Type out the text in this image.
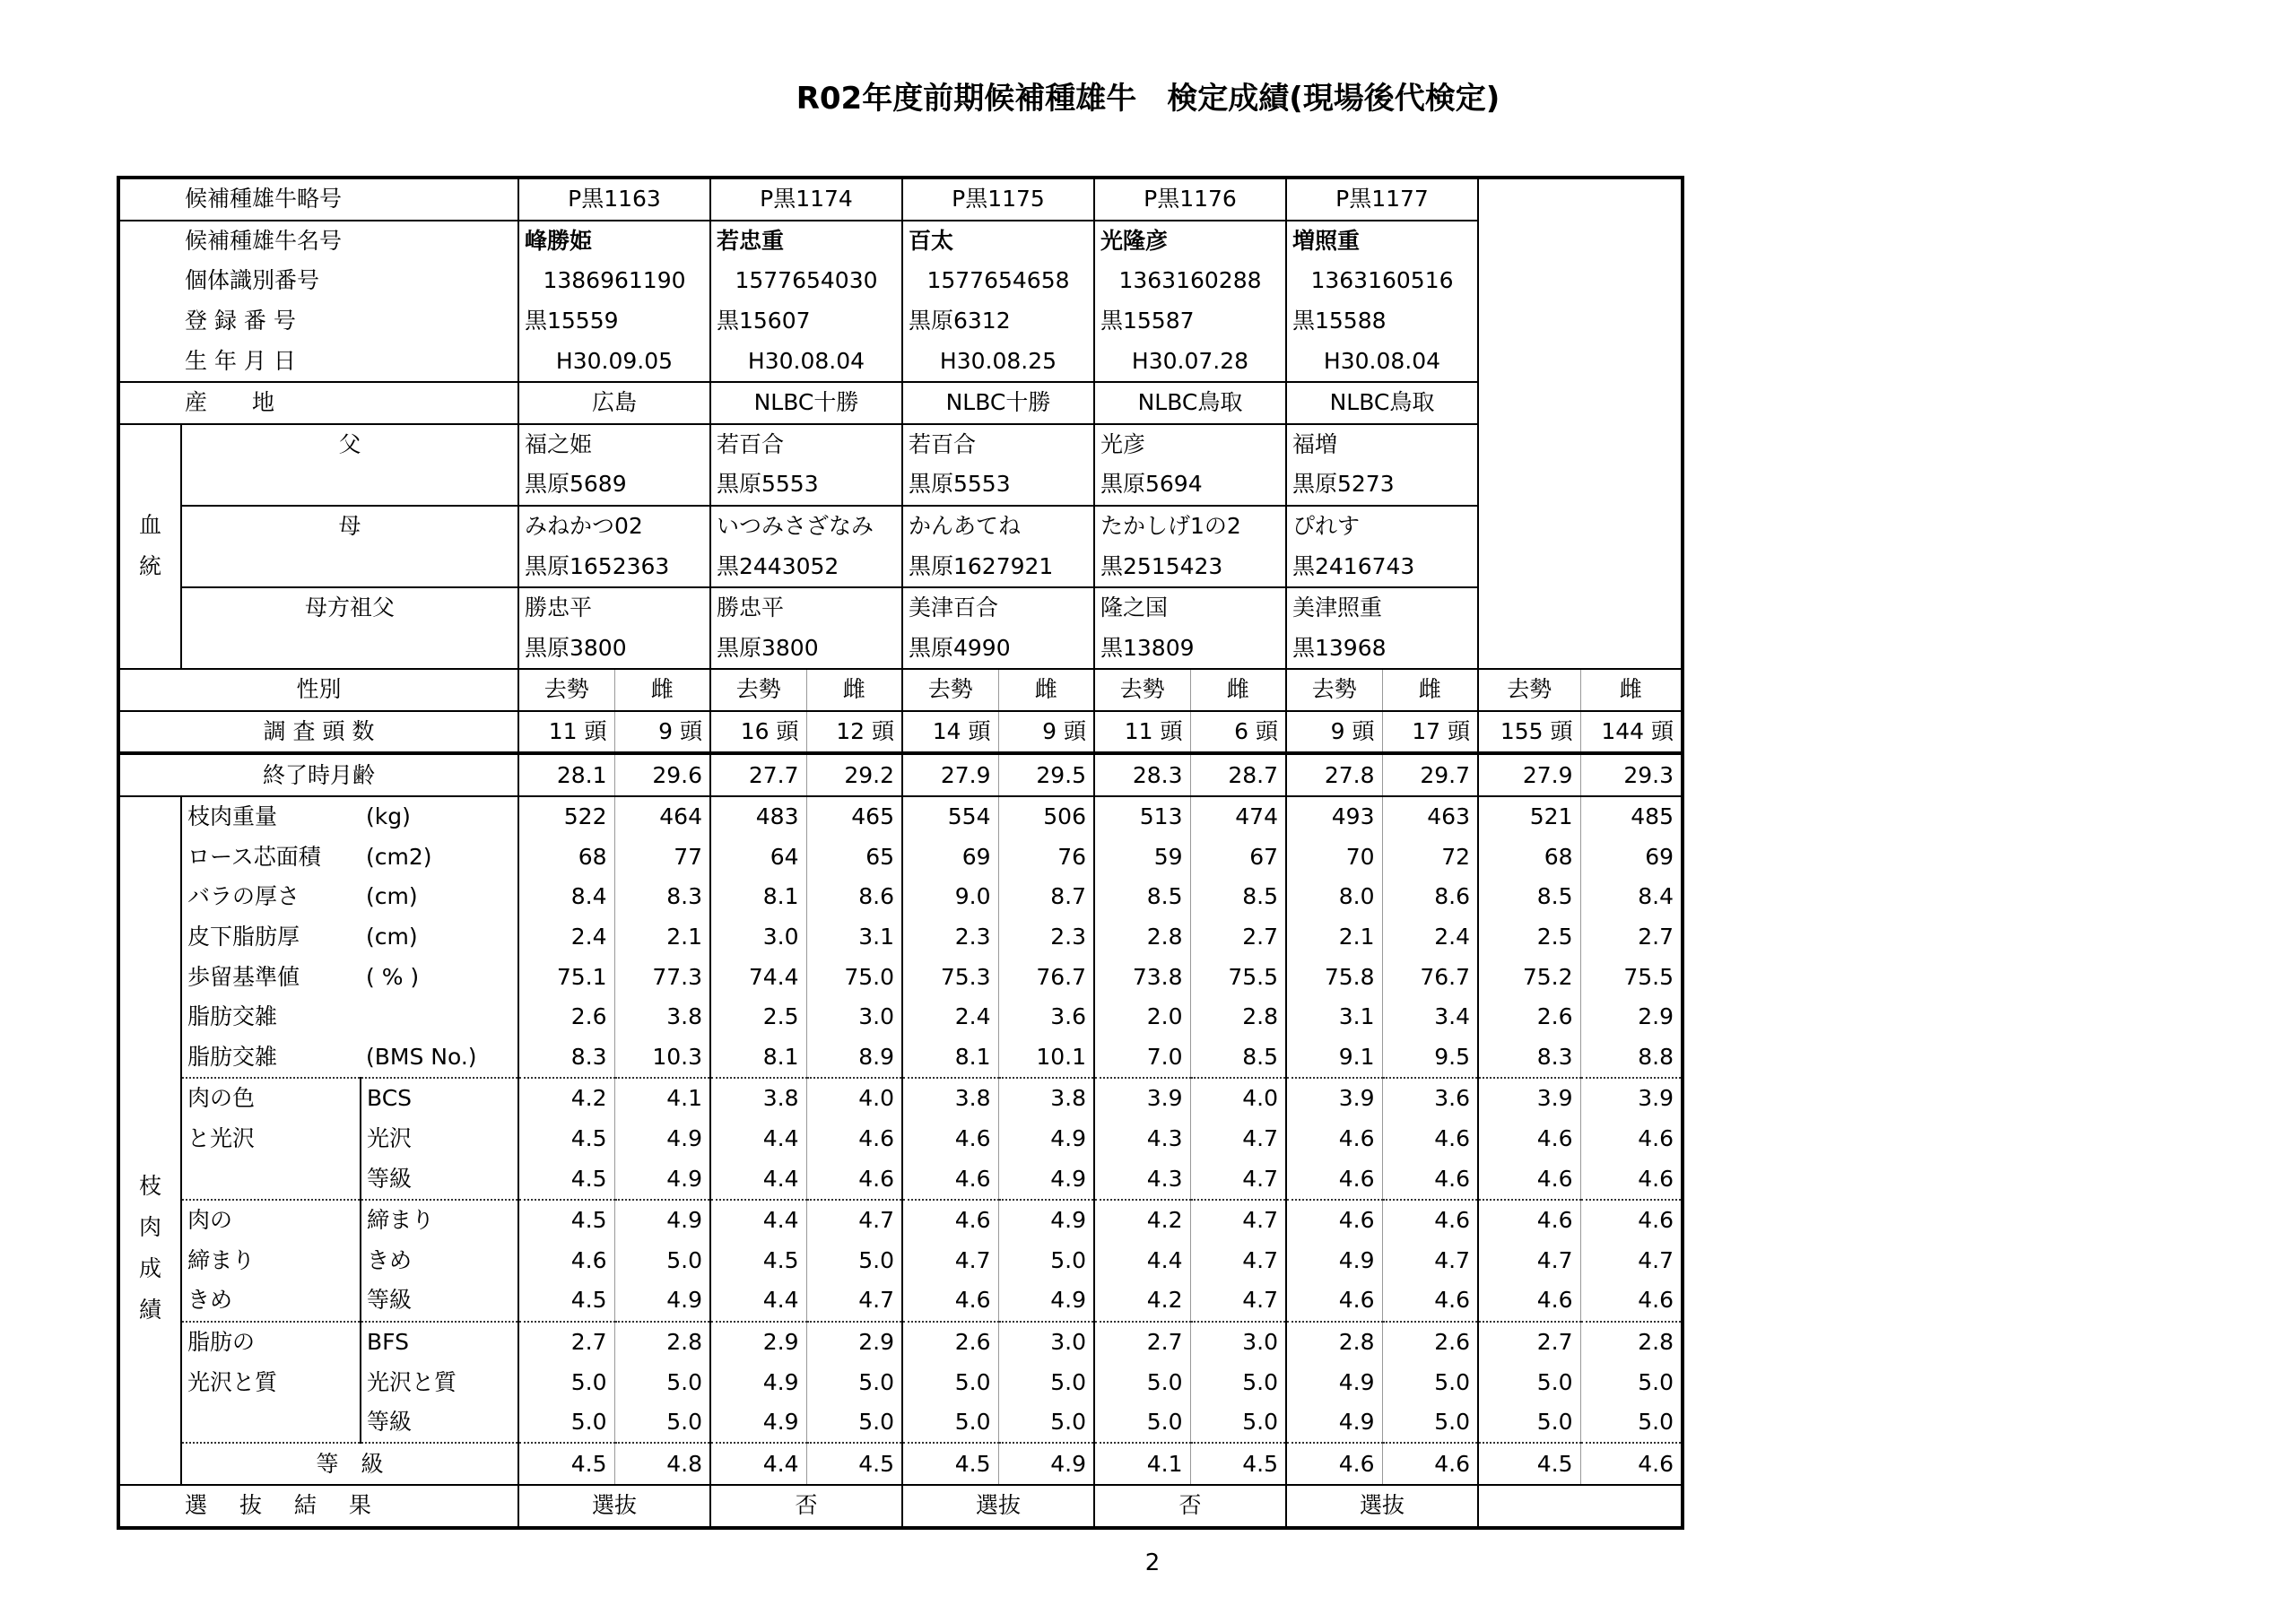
R02年度前期候補種雄牛　検定成績(現場後代検定)
候補種雄牛略号			P黒1163		P黒1174		P黒1175		P黒1176		P黒1177			
候補種雄牛名号			峰勝姫		若忠重		百太		光隆彦		増照重			
個体識別番号			1386961190		1577654030		1577654658		1363160288		1363160516			
登 録 番 号			黒15559		黒15607		黒原6312		黒15587		黒15588			
生 年 月 日			H30.09.05		H30.08.04		H30.08.25		H30.07.28		H30.08.04			
産　　地			広島		NLBC十勝		NLBC十勝		NLBC鳥取		NLBC鳥取			

血統	父		福之姫		若百合		若百合		光彦		福増			
			黒原5689		黒原5553		黒原5553		黒原5694		黒原5273			
	母		みねかつ02		いつみさざなみ		かんあてね		たかしげ1の2		ぴれす			
			黒原1652363		黒2443052		黒原1627921		黒2515423		黒2416743			
	母方祖父		勝忠平		勝忠平		美津百合		隆之国		美津照重			
			黒原3800		黒原3800		黒原4990		黒13809		黒13968			
性別			去勢	雌	去勢	雌	去勢	雌	去勢	雌	去勢	雌	去勢	雌
調 査 頭 数			11 頭	9 頭	16 頭	12 頭	14 頭	9 頭	11 頭	6 頭	9 頭	17 頭	155 頭	144 頭
終了時月齢			28.1	29.6	27.7	29.2	27.9	29.5	28.3	28.7	27.8	29.7	27.9	29.3

枝肉成績	枝肉重量	(kg)	522	464	483	465	554	506	513	474	493	463	521	485
	ロース芯面積	(cm2)	68	77	64	65	69	76	59	67	70	72	68	69
	バラの厚さ	(cm)	8.4	8.3	8.1	8.6	9.0	8.7	8.5	8.5	8.0	8.6	8.5	8.4
	皮下脂肪厚	(cm)	2.4	2.1	3.0	3.1	2.3	2.3	2.8	2.7	2.1	2.4	2.5	2.7
	歩留基準値	( % )	75.1	77.3	74.4	75.0	75.3	76.7	73.8	75.5	75.8	76.7	75.2	75.5
	脂肪交雑		2.6	3.8	2.5	3.0	2.4	3.6	2.0	2.8	3.1	3.4	2.6	2.9
	脂肪交雑	(BMS No.)	8.3	10.3	8.1	8.9	8.1	10.1	7.0	8.5	9.1	9.5	8.3	8.8
	肉の色	BCS	4.2	4.1	3.8	4.0	3.8	3.8	3.9	4.0	3.9	3.6	3.9	3.9
	と光沢	光沢	4.5	4.9	4.4	4.6	4.6	4.9	4.3	4.7	4.6	4.6	4.6	4.6
		等級	4.5	4.9	4.4	4.6	4.6	4.9	4.3	4.7	4.6	4.6	4.6	4.6
	肉の	締まり	4.5	4.9	4.4	4.7	4.6	4.9	4.2	4.7	4.6	4.6	4.6	4.6
	締まり	きめ	4.6	5.0	4.5	5.0	4.7	5.0	4.4	4.7	4.9	4.7	4.7	4.7
	きめ	等級	4.5	4.9	4.4	4.7	4.6	4.9	4.2	4.7	4.6	4.6	4.6	4.6
	脂肪の	BFS	2.7	2.8	2.9	2.9	2.6	3.0	2.7	3.0	2.8	2.6	2.7	2.8
	光沢と質	光沢と質	5.0	5.0	4.9	5.0	5.0	5.0	5.0	5.0	4.9	5.0	5.0	5.0
		等級	5.0	5.0	4.9	5.0	5.0	5.0	5.0	5.0	4.9	5.0	5.0	5.0
	等　級		4.5	4.8	4.4	4.5	4.5	4.9	4.1	4.5	4.6	4.6	4.5	4.6
選 抜 結 果			選抜		否		選抜		否		選抜			
2
